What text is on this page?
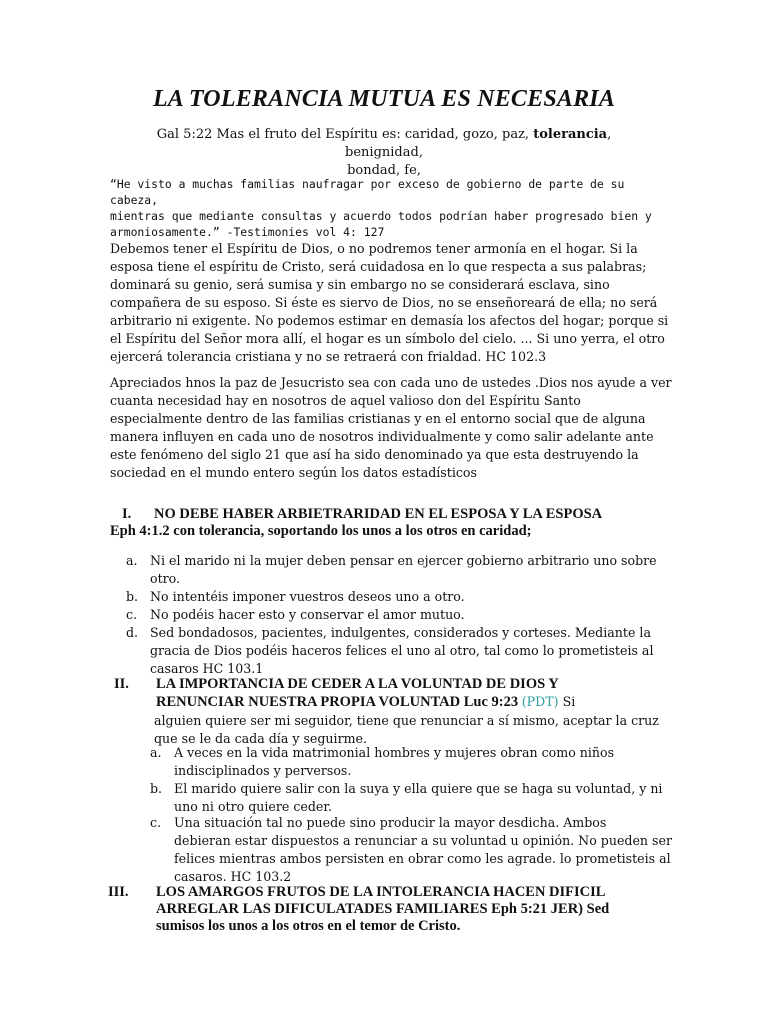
LA TOLERANCIA MUTUA ES NECESARIA
Gal 5:22 Mas el fruto del Espíritu es: caridad, gozo, paz, tolerancia, benignidad,
bondad, fe,
“He visto a muchas familias naufragar por exceso de gobierno de parte de su cabeza,
mientras que mediante consultas y acuerdo todos podrían haber progresado bien y
armoniosamente.” -Testimonies vol 4: 127
Debemos tener el Espíritu de Dios, o no podremos tener armonía en el hogar. Si la
esposa tiene el espíritu de Cristo, será cuidadosa en lo que respecta a sus palabras;
dominará su genio, será sumisa y sin embargo no se considerará esclava, sino
compañera de su esposo. Si éste es siervo de Dios, no se enseñoreará de ella; no será
arbitrario ni exigente. No podemos estimar en demasía los afectos del hogar; porque si
el Espíritu del Señor mora allí, el hogar es un símbolo del cielo. ... Si uno yerra, el otro
ejercerá tolerancia cristiana y no se retraerá con frialdad. HC 102.3
Apreciados hnos la paz de Jesucristo sea con cada uno de ustedes .Dios nos ayude a ver
cuanta necesidad hay en nosotros de aquel valioso don del Espíritu Santo
especialmente dentro de las familias cristianas y en el entorno social que de alguna
manera influyen en cada uno de nosotros individualmente y como salir adelante ante
este fenómeno del siglo 21 que así ha sido denominado ya que esta destruyendo la
sociedad en el mundo entero según los datos estadísticos
I. NO DEBE HABER ARBIETRARIDAD EN EL ESPOSA Y LA ESPOSA
Eph 4:1.2 con tolerancia, soportando los unos a los otros en caridad;
a. Ni el marido ni la mujer deben pensar en ejercer gobierno arbitrario uno sobre
otro.
b. No intentéis imponer vuestros deseos uno a otro.
c. No podéis hacer esto y conservar el amor mutuo.
d. Sed bondadosos, pacientes, indulgentes, considerados y corteses. Mediante la
gracia de Dios podéis haceros felices el uno al otro, tal como lo prometisteis al
casaros HC 103.1
II. LA IMPORTANCIA DE CEDER A LA VOLUNTAD DE DIOS Y
RENUNCIAR NUESTRA PROPIA VOLUNTAD Luc 9:23 (PDT) Si
alguien quiere ser mi seguidor, tiene que renunciar a sí mismo, aceptar la cruz
que se le da cada día y seguirme.
a. A veces en la vida matrimonial hombres y mujeres obran como niños
indisciplinados y perversos.
b. El marido quiere salir con la suya y ella quiere que se haga su voluntad, y ni
uno ni otro quiere ceder.
c. Una situación tal no puede sino producir la mayor desdicha. Ambos
debieran estar dispuestos a renunciar a su voluntad u opinión. No pueden ser
felices mientras ambos persisten en obrar como les agrade. lo prometisteis al
casaros. HC 103.2
III. LOS AMARGOS FRUTOS DE LA INTOLERANCIA HACEN DIFICIL
ARREGLAR LAS DIFICULATADES FAMILIARES Eph 5:21 JER) Sed
sumisos los unos a los otros en el temor de Cristo.
